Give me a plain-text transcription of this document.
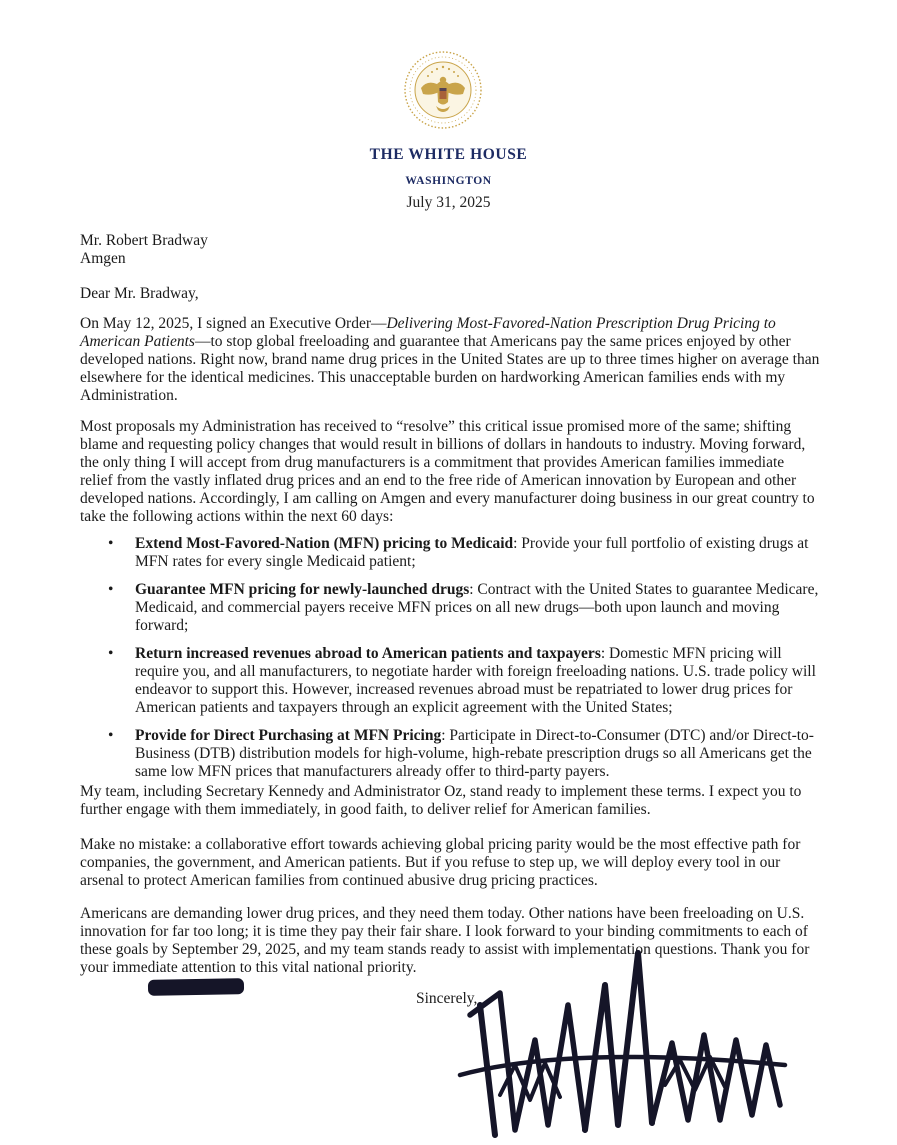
THE WHITE HOUSE
WASHINGTON
July 31, 2025
Mr. Robert Bradway
Amgen
Dear Mr. Bradway,
On May 12, 2025, I signed an Executive Order—Delivering Most-Favored-Nation Prescription Drug Pricing to American Patients—to stop global freeloading and guarantee that Americans pay the same prices enjoyed by other developed nations. Right now, brand name drug prices in the United States are up to three times higher on average than elsewhere for the identical medicines. This unacceptable burden on hardworking American families ends with my Administration.
Most proposals my Administration has received to “resolve” this critical issue promised more of the same; shifting blame and requesting policy changes that would result in billions of dollars in handouts to industry. Moving forward, the only thing I will accept from drug manufacturers is a commitment that provides American families immediate relief from the vastly inflated drug prices and an end to the free ride of American innovation by European and other developed nations. Accordingly, I am calling on Amgen and every manufacturer doing business in our great country to take the following actions within the next 60 days:
• Extend Most-Favored-Nation (MFN) pricing to Medicaid: Provide your full portfolio of existing drugs at MFN rates for every single Medicaid patient;
• Guarantee MFN pricing for newly-launched drugs: Contract with the United States to guarantee Medicare, Medicaid, and commercial payers receive MFN prices on all new drugs—both upon launch and moving forward;
• Return increased revenues abroad to American patients and taxpayers: Domestic MFN pricing will require you, and all manufacturers, to negotiate harder with foreign freeloading nations. U.S. trade policy will endeavor to support this. However, increased revenues abroad must be repatriated to lower drug prices for American patients and taxpayers through an explicit agreement with the United States;
• Provide for Direct Purchasing at MFN Pricing: Participate in Direct-to-Consumer (DTC) and/or Direct-to-Business (DTB) distribution models for high-volume, high-rebate prescription drugs so all Americans get the same low MFN prices that manufacturers already offer to third-party payers.
My team, including Secretary Kennedy and Administrator Oz, stand ready to implement these terms. I expect you to further engage with them immediately, in good faith, to deliver relief for American families.
Make no mistake: a collaborative effort towards achieving global pricing parity would be the most effective path for companies, the government, and American patients. But if you refuse to step up, we will deploy every tool in our arsenal to protect American families from continued abusive drug pricing practices.
Americans are demanding lower drug prices, and they need them today. Other nations have been freeloading on U.S. innovation for far too long; it is time they pay their fair share. I look forward to your binding commitments to each of these goals by September 29, 2025, and my team stands ready to assist with implementation questions. Thank you for your immediate attention to this vital national priority.
Sincerely,
